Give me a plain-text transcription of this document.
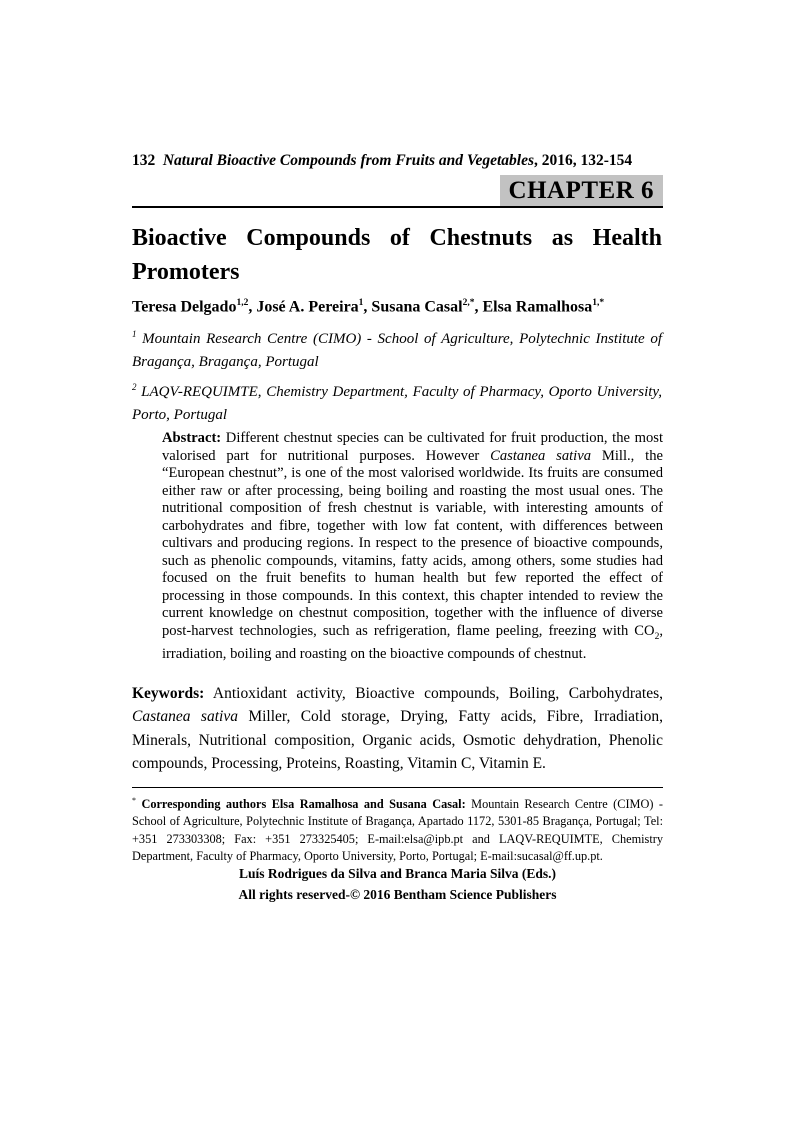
132 Natural Bioactive Compounds from Fruits and Vegetables, 2016, 132-154
CHAPTER 6
Bioactive Compounds of Chestnuts as Health
Promoters
Teresa Delgado$^{1,2}$, José A. Pereira$^1$, Susana Casal$^{2,*}$, Elsa Ramalhosa$^{1,*}$

$^1$ Mountain Research Centre (CIMO) - School of Agriculture, Polytechnic Institute of Bragança, Bragança, Portugal

$^2$ LAQV-REQUIMTE, Chemistry Department, Faculty of Pharmacy, Oporto University, Porto, Portugal

Abstract: Different chestnut species can be cultivated for fruit production, the most valorised part for nutritional purposes. However Castanea sativa Mill., the “European chestnut”, is one of the most valorised worldwide. Its fruits are consumed either raw or after processing, being boiling and roasting the most usual ones. The nutritional composition of fresh chestnut is variable, with interesting amounts of carbohydrates and fibre, together with low fat content, with differences between cultivars and producing regions. In respect to the presence of bioactive compounds, such as phenolic compounds, vitamins, fatty acids, among others, some studies had focused on the fruit benefits to human health but few reported the effect of processing in those compounds. In this context, this chapter intended to review the current knowledge on chestnut composition, together with the influence of diverse post-harvest technologies, such as refrigeration, flame peeling, freezing with $CO_2$, irradiation, boiling and roasting on the bioactive compounds of chestnut.
Keywords: Antioxidant activity, Bioactive compounds, Boiling, Carbohydrates, Castanea sativa Miller, Cold storage, Drying, Fatty acids, Fibre, Irradiation, Minerals, Nutritional composition, Organic acids, Osmotic dehydration, Phenolic compounds, Processing, Proteins, Roasting, Vitamin C, Vitamin E.
* Corresponding authors Elsa Ramalhosa and Susana Casal: Mountain Research Centre (CIMO) - School of Agriculture, Polytechnic Institute of Bragança, Apartado 1172, 5301-85 Bragança, Portugal; Tel: +351 273303308; Fax: +351 273325405; E-mail:elsa@ipb.pt and LAQV-REQUIMTE, Chemistry Department, Faculty of Pharmacy, Oporto University, Porto, Portugal; E-mail:sucasal@ff.up.pt.
Luís Rodrigues da Silva and Branca Maria Silva (Eds.)
All rights reserved-© 2016 Bentham Science Publishers
